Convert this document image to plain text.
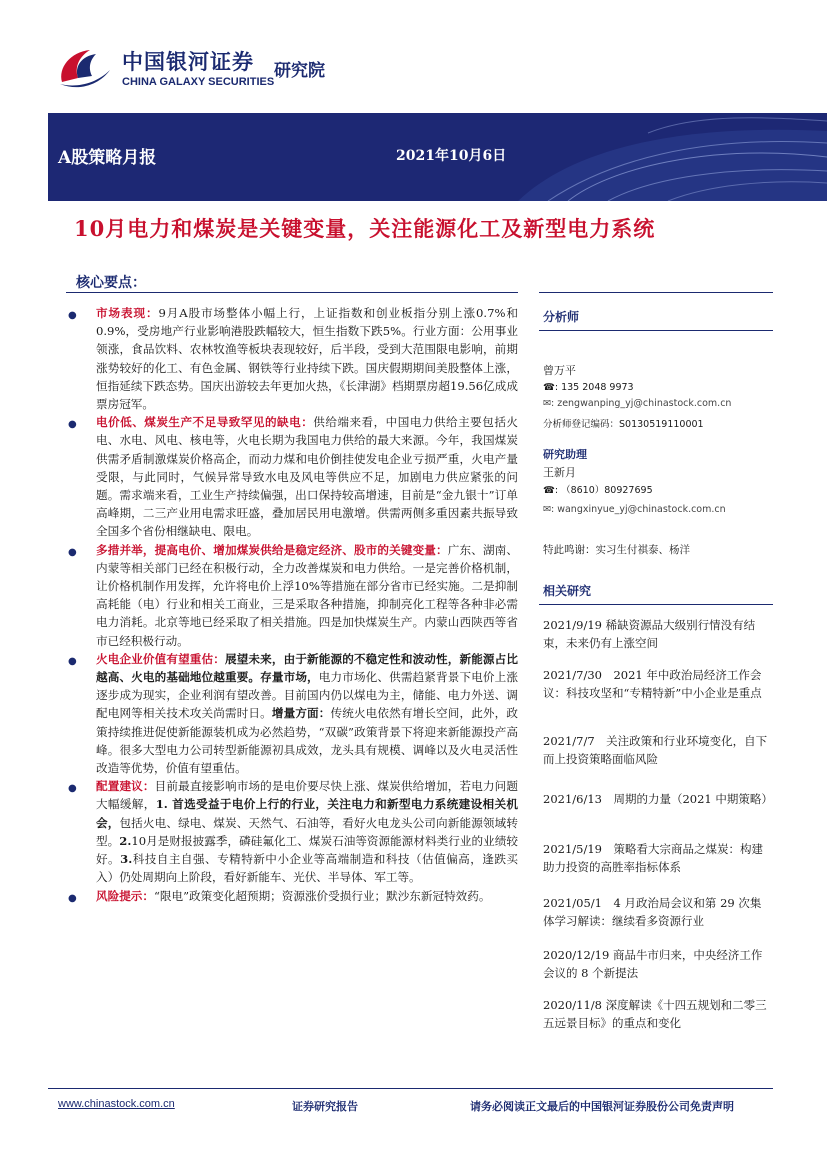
中国银河证券
CHINA GALAXY SECURITIES
研究院
A股策略月报	2021年10月6日
10月电力和煤炭是关键变量，关注能源化工及新型电力系统
核心要点：
● 市场表现：9月A股市场整体小幅上行，上证指数和创业板指分别上涨0.7%和0.9%，受房地产行业影响港股跌幅较大，恒生指数下跌5%。行业方面：公用事业领涨，食品饮料、农林牧渔等板块表现较好，后半段，受到大范围限电影响，前期涨势较好的化工、有色金属、钢铁等行业持续下跌。国庆假期期间美股整体上涨，恒指延续下跌态势。国庆出游较去年更加火热，《长津湖》档期票房超19.56亿成成票房冠军。
● 电价低、煤炭生产不足导致罕见的缺电：供给端来看，中国电力供给主要包括火电、水电、风电、核电等，火电长期为我国电力供给的最大来源。今年，我国煤炭供需矛盾制激煤炭价格高企，而动力煤和电价倒挂使发电企业亏损严重，火电产量受限，与此同时，气候异常导致水电及风电等供应不足，加剧电力供应紧张的问题。需求端来看，工业生产持续偏强，出口保持较高增速，目前是“金九银十”订单高峰期，二三产业用电需求旺盛，叠加居民用电激增。供需两侧多重因素共振导致全国多个省份相继缺电、限电。
● 多措并举，提高电价、增加煤炭供给是稳定经济、股市的关键变量：广东、湖南、内蒙等相关部门已经在积极行动，全力改善煤炭和电力供给。一是完善价格机制，让价格机制作用发挥，允许将电价上浮10%等措施在部分省市已经实施。二是抑制高耗能（电）行业和相关工商业，三是采取各种措施，抑制亮化工程等各种非必需电力消耗。北京等地已经采取了相关措施。四是加快煤炭生产。内蒙山西陕西等省市已经积极行动。
● 火电企业价值有望重估：展望未来，由于新能源的不稳定性和波动性，新能源占比越高、火电的基础地位越重要。存量市场，电力市场化、供需趋紧背景下电价上涨逐步成为现实，企业利润有望改善。目前国内仍以煤电为主，储能、电力外送、调配电网等相关技术攻关尚需时日。增量方面：传统火电依然有增长空间，此外，政策持续推进促使新能源装机成为必然趋势，“双碳”政策背景下将迎来新能源投产高峰。很多大型电力公司转型新能源初具成效，龙头具有规模、调峰以及火电灵活性改造等优势，价值有望重估。
● 配置建议：目前最直接影响市场的是电价要尽快上涨、煤炭供给增加，若电力问题大幅缓解，1. 首选受益于电价上行的行业，关注电力和新型电力系统建设相关机会，包括火电、绿电、煤炭、天然气、石油等，看好火电龙头公司向新能源领域转型。2.10月是财报披露季，磷硅氟化工、煤炭石油等资源能源材料类行业的业绩较好。3.科技自主自强、专精特新中小企业等高端制造和科技（估值偏高，逢跌买入）仍处周期向上阶段，看好新能车、光伏、半导体、军工等。
● 风险提示：“限电”政策变化超预期；资源涨价受损行业；默沙东新冠特效药。
分析师
曾万平
☎: 135 2048 9973
✉: zengwanping_yj@chinastock.com.cn
分析师登记编码：S0130519110001
研究助理
王新月
☎: （8610）80927695
✉: wangxinyue_yj@chinastock.com.cn
特此鸣谢：实习生付祺泰、杨洋
相关研究
2021/9/19 稀缺资源品大级别行情没有结束，未来仍有上涨空间
2021/7/30　2021 年中政治局经济工作会议：科技攻坚和“专精特新”中小企业是重点
2021/7/7　关注政策和行业环境变化，自下而上投资策略面临风险
2021/6/13　周期的力量（2021 中期策略）
2021/5/19　策略看大宗商品之煤炭：构建助力投资的高胜率指标体系
2021/05/1　4 月政治局会议和第 29 次集体学习解读：继续看多资源行业
2020/12/19 商品牛市归来，中央经济工作会议的 8 个新提法
2020/11/8 深度解读《十四五规划和二零三五远景目标》的重点和变化
www.chinastock.com.cn	证券研究报告	请务必阅读正文最后的中国银河证券股份公司免责声明
